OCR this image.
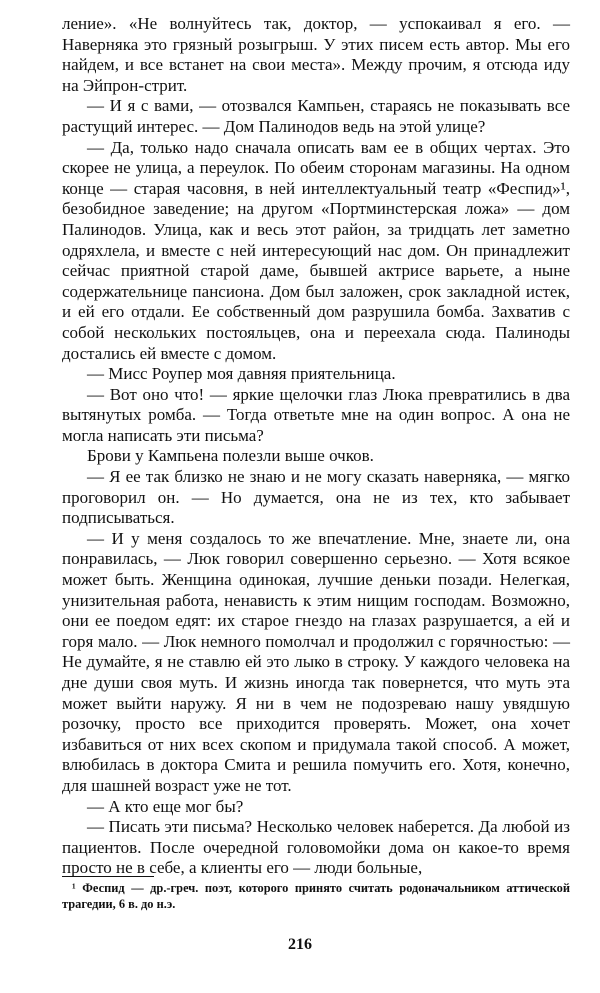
ление». «Не волнуйтесь так, доктор, — успокаивал я его. — Наверняка это грязный розыгрыш. У этих писем есть автор. Мы его найдем, и все встанет на свои места». Между прочим, я отсюда иду на Эйпрон-стрит.

— И я с вами, — отозвался Кампьен, стараясь не показывать все растущий интерес. — Дом Палинодов ведь на этой улице?

— Да, только надо сначала описать вам ее в общих чертах. Это скорее не улица, а переулок. По обеим сторонам магазины. На одном конце — старая часовня, в ней интеллектуальный театр «Феспид»¹, безобидное заведение; на другом «Портминстерская ложа» — дом Палинодов. Улица, как и весь этот район, за тридцать лет заметно одряхлела, и вместе с ней интересующий нас дом. Он принадлежит сейчас приятной старой даме, бывшей актрисе варьете, а ныне содержательнице пансиона. Дом был заложен, срок закладной истек, и ей его отдали. Ее собственный дом разрушила бомба. Захватив с собой нескольких постояльцев, она и переехала сюда. Палиноды достались ей вместе с домом.

— Мисс Роупер моя давняя приятельница.

— Вот оно что! — яркие щелочки глаз Люка превратились в два вытянутых ромба. — Тогда ответьте мне на один вопрос. А она не могла написать эти письма?

Брови у Кампьена полезли выше очков.

— Я ее так близко не знаю и не могу сказать наверняка, — мягко проговорил он. — Но думается, она не из тех, кто забывает подписываться.

— И у меня создалось то же впечатление. Мне, знаете ли, она понравилась, — Люк говорил совершенно серьезно. — Хотя всякое может быть. Женщина одинокая, лучшие деньки позади. Нелегкая, унизительная работа, ненависть к этим нищим господам. Возможно, они ее поедом едят: их старое гнездо на глазах разрушается, а ей и горя мало. — Люк немного помолчал и продолжил с горячностью: — Не думайте, я не ставлю ей это лыко в строку. У каждого человека на дне души своя муть. И жизнь иногда так повернется, что муть эта может выйти наружу. Я ни в чем не подозреваю нашу увядшую розочку, просто все приходится проверять. Может, она хочет избавиться от них всех скопом и придумала такой способ. А может, влюбилась в доктора Смита и решила помучить его. Хотя, конечно, для шашней возраст уже не тот.

— А кто еще мог бы?

— Писать эти письма? Несколько человек наберется. Да любой из пациентов. После очередной головомойки дома он какое-то время просто не в себе, а клиенты его — люди больные,

¹ Феспид — др.-греч. поэт, которого принято считать родоначальником аттической трагедии, 6 в. до н.э.
216
